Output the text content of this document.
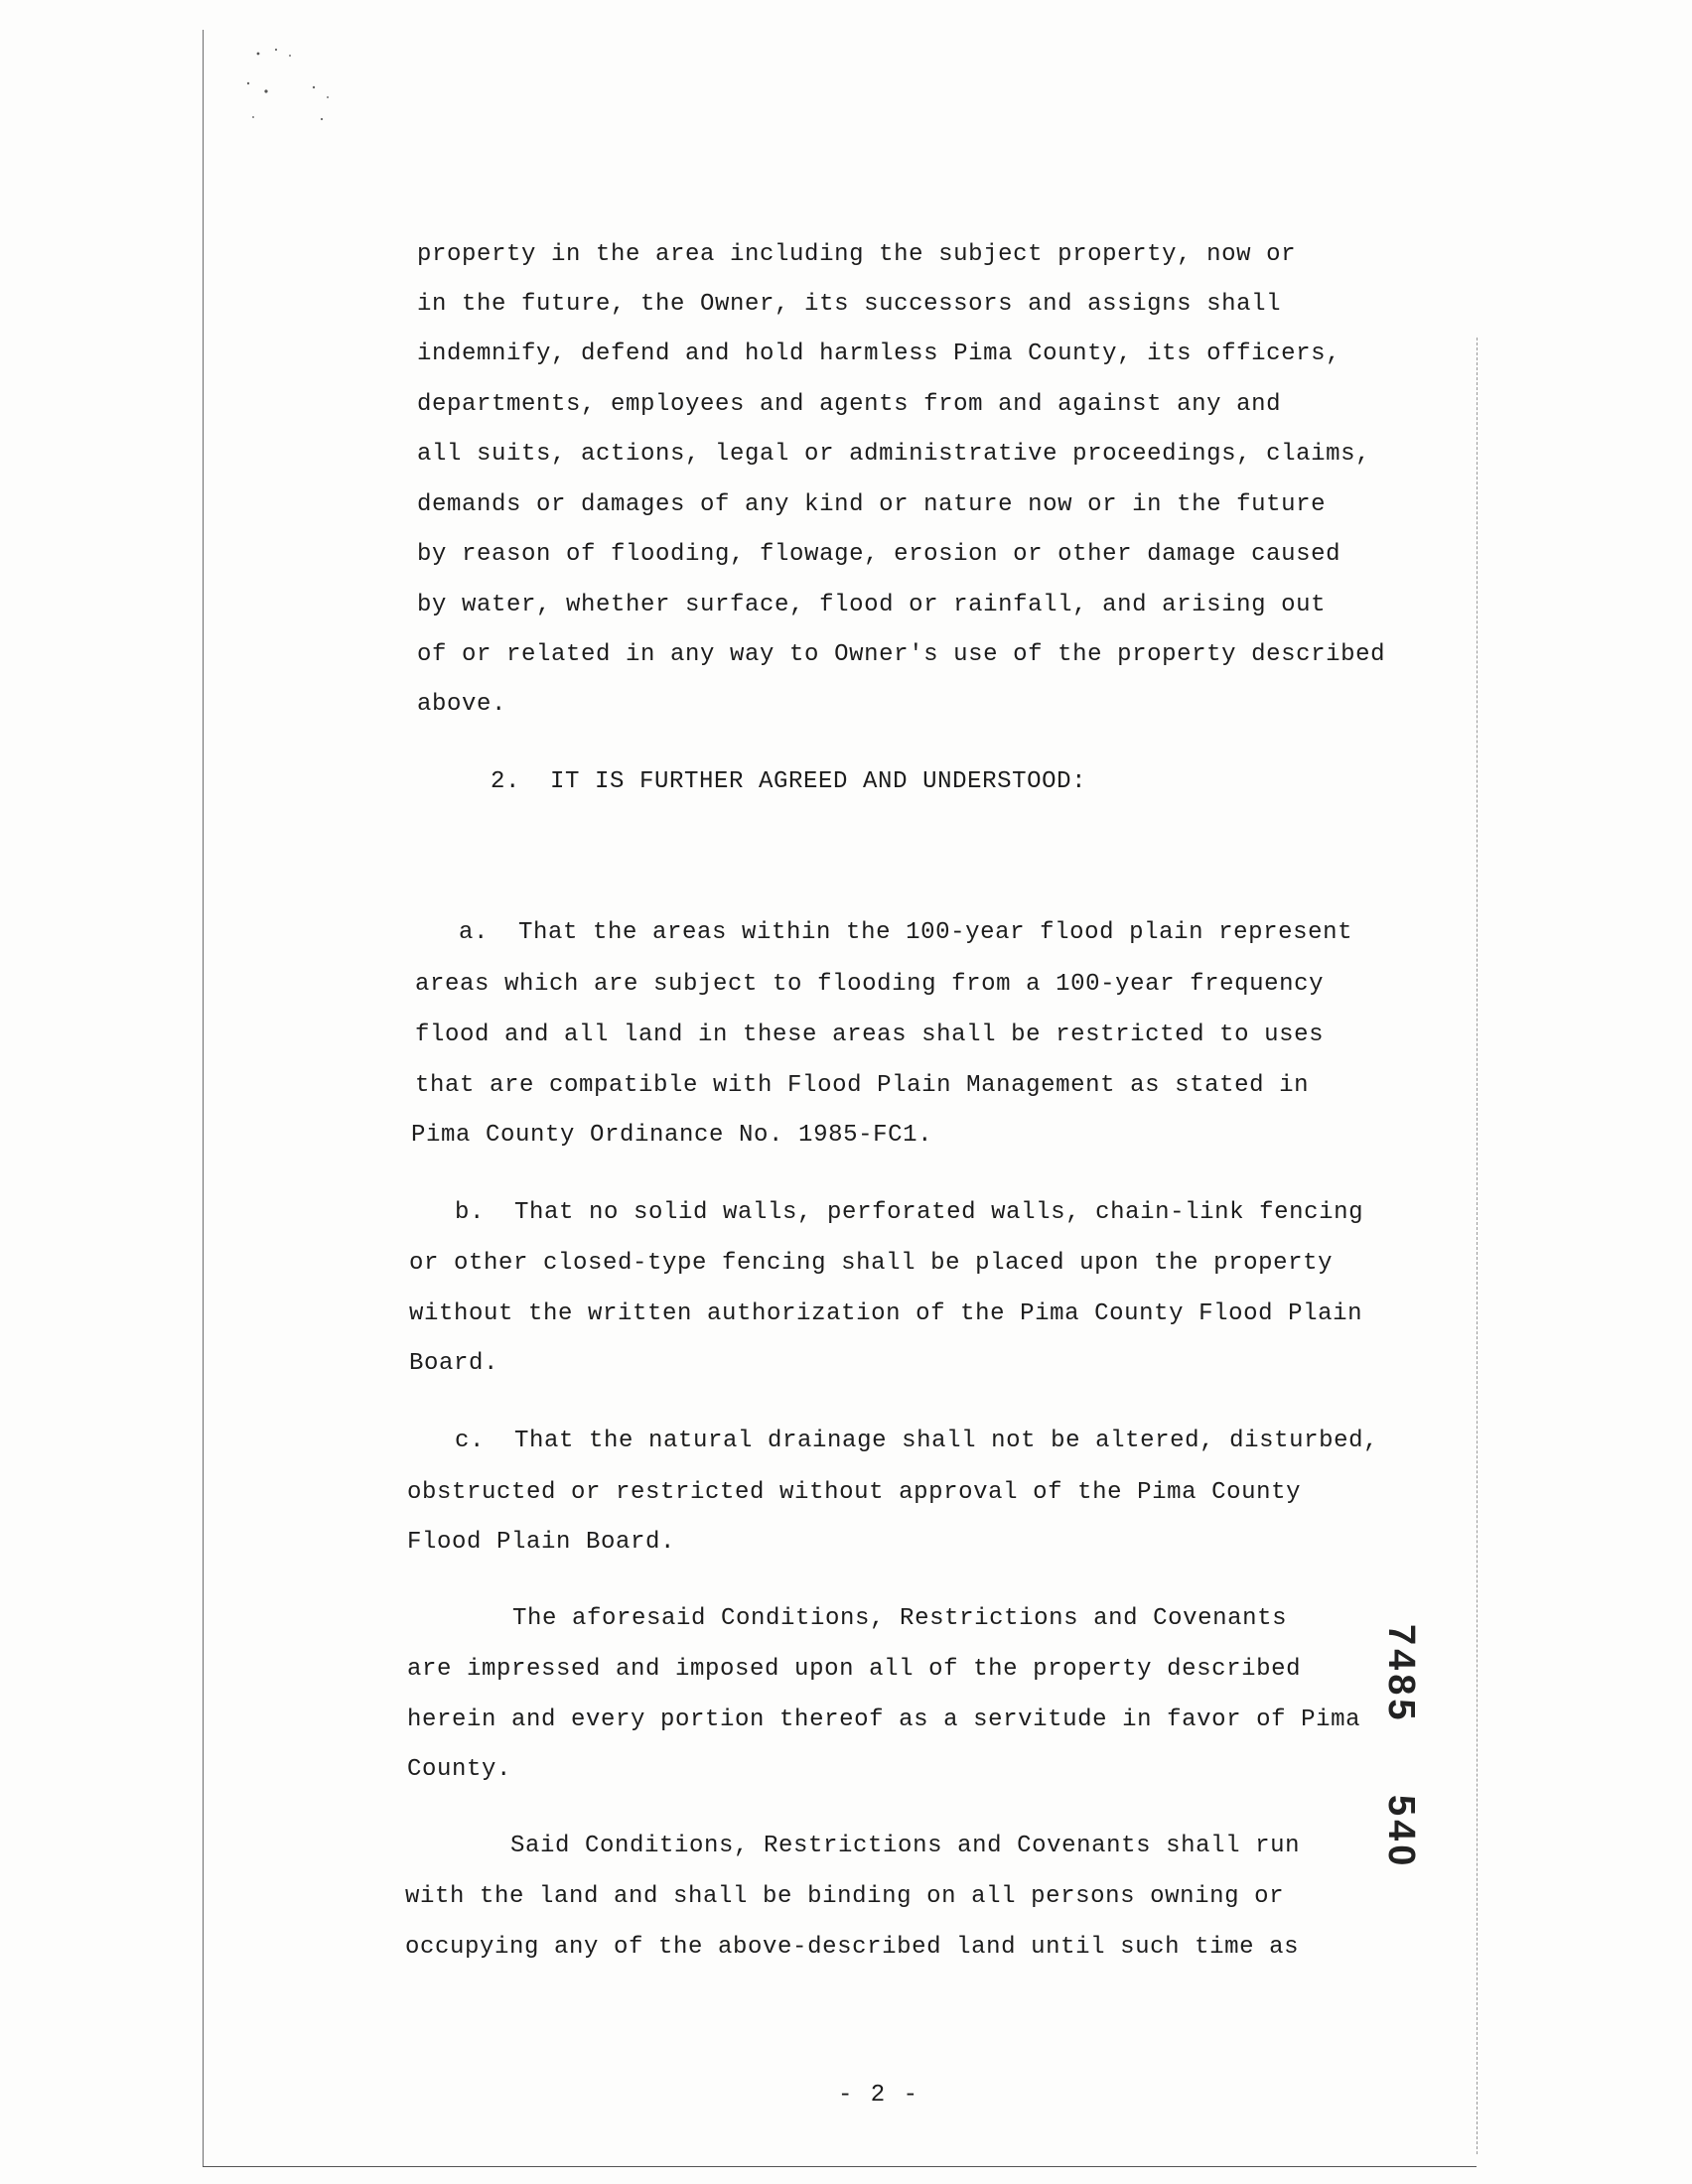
property in the area including the subject property, now or
in the future, the Owner, its successors and assigns shall
indemnify, defend and hold harmless Pima County, its officers,
departments, employees and agents from and against any and
all suits, actions, legal or administrative proceedings, claims,
demands or damages of any kind or nature now or in the future
by reason of flooding, flowage, erosion or other damage caused
by water, whether surface, flood or rainfall, and arising out
of or related in any way to Owner's use of the property described
above.
2.  IT IS FURTHER AGREED AND UNDERSTOOD:
a.  That the areas within the 100-year flood plain represent
areas which are subject to flooding from a 100-year frequency
flood and all land in these areas shall be restricted to uses
that are compatible with Flood Plain Management as stated in
Pima County Ordinance No. 1985-FC1.
b.  That no solid walls, perforated walls, chain-link fencing
or other closed-type fencing shall be placed upon the property
without the written authorization of the Pima County Flood Plain
Board.
c.  That the natural drainage shall not be altered, disturbed,
obstructed or restricted without approval of the Pima County
Flood Plain Board.
The aforesaid Conditions, Restrictions and Covenants
are impressed and imposed upon all of the property described
herein and every portion thereof as a servitude in favor of Pima
County.
Said Conditions, Restrictions and Covenants shall run
with the land and shall be binding on all persons owning or
occupying any of the above-described land until such time as
7485
540
- 2 -
